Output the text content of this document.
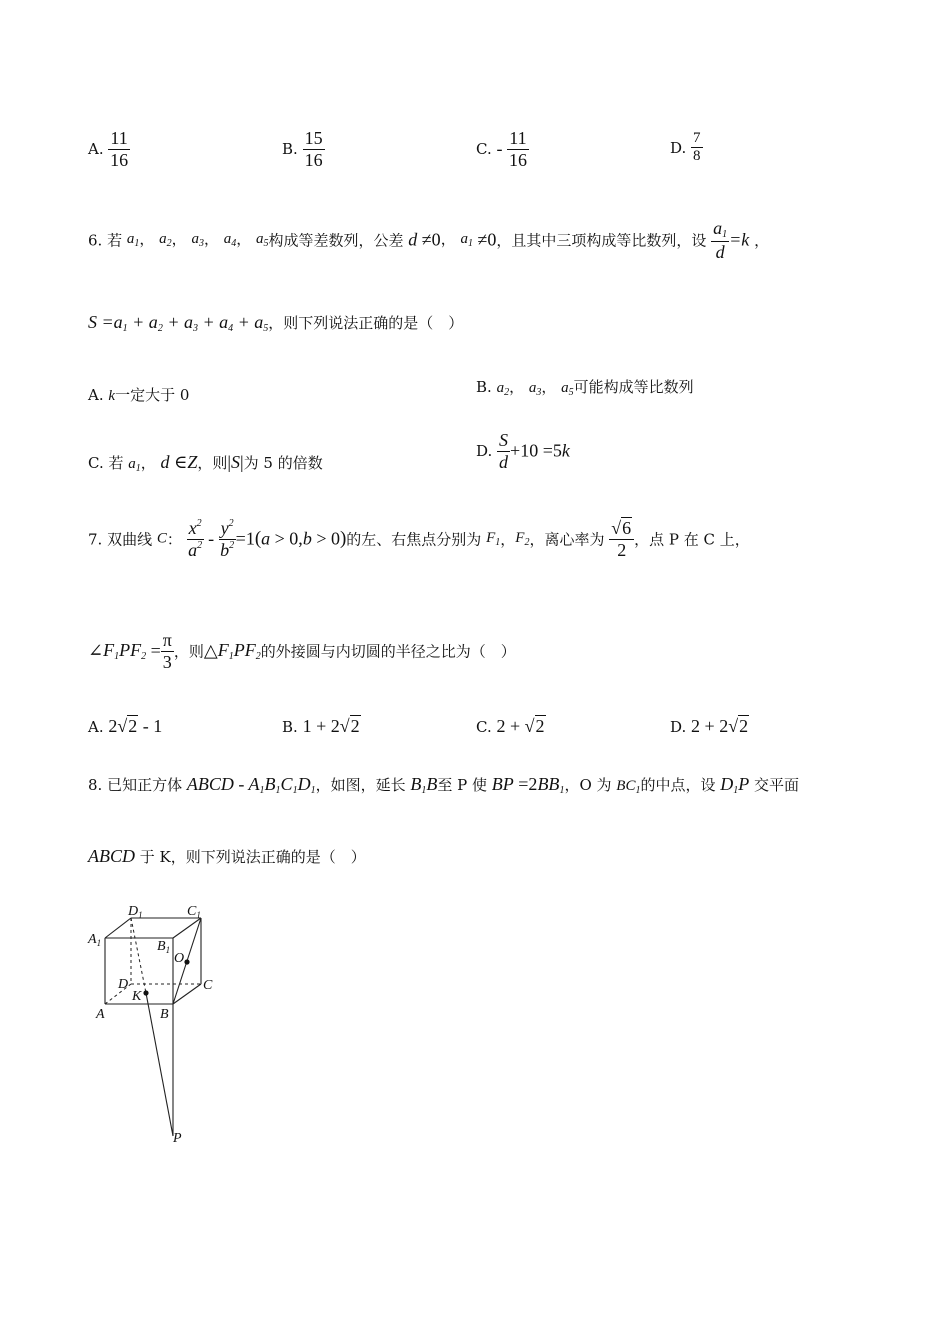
A. $\frac{11}{16}$	B. $\frac{15}{16}$	C. - $\frac{11}{16}$	D. $\frac{7}{8}$
6. 若 $a_1$， $a_2$， $a_3$， $a_4$， $a_5$构成等差数列，公差 d ≠0， $a_1 \ne 0$，且其中三项构成等比数列，设 $\frac{a_1}{d} =k$ ，
$S =a_1 + a_2 + a_3 + a_4 + a_5$，则下列说法正确的是（　）
A. k一定大于 0	B. $a_2$， $a_3$， $a_5$可能构成等比数列
C. 若 $a_1$， d ∈Z，则|S|为 5 的倍数
D. $\frac{S}{d} +10 =5k$
7. 双曲线 C： $\frac{x^2}{a^2} - \frac{y^2}{b^2} =1(a > 0,b > 0)$的左、右焦点分别为 $F_1$，$F_2$，离心率为 $\frac{√6}{2}$ ，点 P 在 C 上，
$\angle F_1PF_2 = \frac{\pi}{3}$ ，则$\triangle F_1PF_2$的外接圆与内切圆的半径之比为（　）
A. 2√2 - 1	B. 1 + 2√2	C. 2 + √2	D. 2 + 2√2
8. 已知正方体 ABCD - $A_1B_1C_1D_1$，如图，延长 $B_1B$至 P 使 BP $=2BB_1$，O 为 $BC_1$的中点，设 $D_1P$ 交平面
ABCD 于 K，则下列说法正确的是（　）
$A_1$
$D_1$	$C_1$
$B_1$
O
D
K
C
A	B
P
